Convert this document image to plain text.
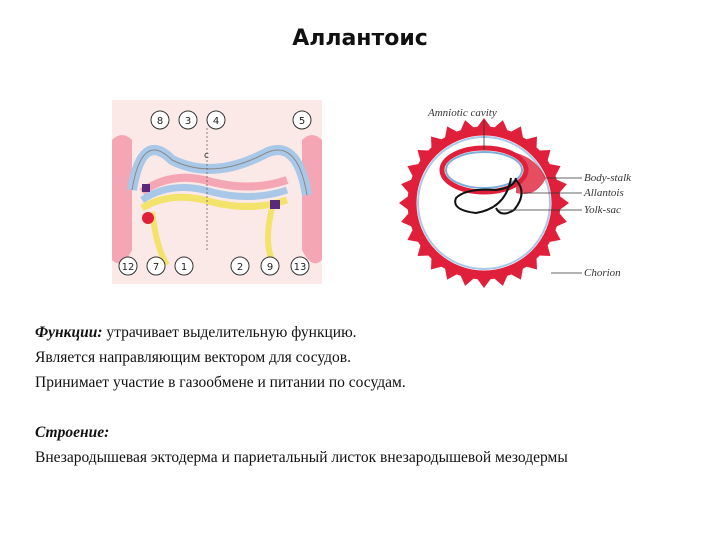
Аллантоис
c
8 3 4	5
12 7 1	2 9 13
Amniotic cavity
Body-stalk
Allantois
Yolk-sac
Chorion

Функции: утрачивает выделительную функцию.

Является направляющим вектором для сосудов.

Принимает участие в газообмене и питании по сосудам.

Строение:

Внезародышевая эктодерма и париетальный листок внезародышевой мезодермы
